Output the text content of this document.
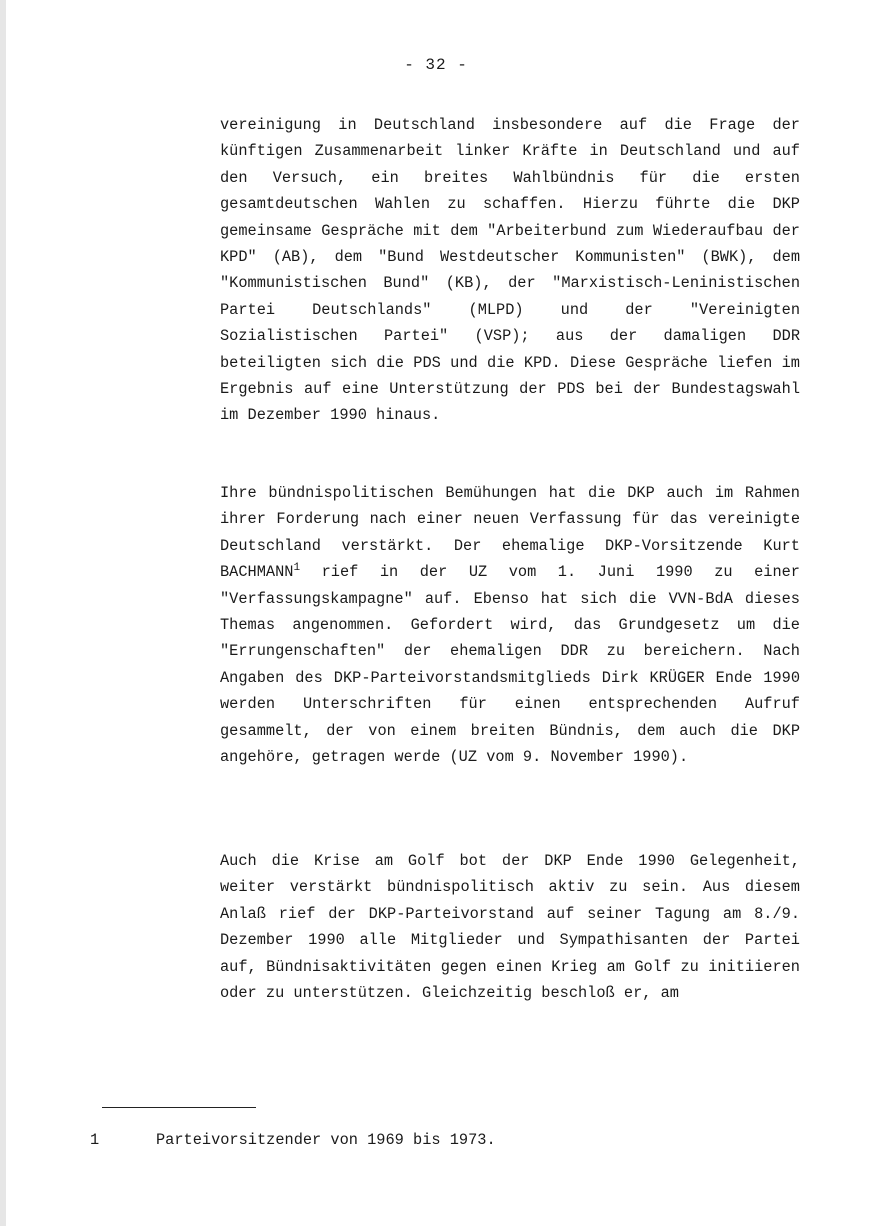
- 32 -

vereinigung in Deutschland insbesondere auf die Frage der künftigen Zusammenarbeit linker Kräfte in Deutschland und auf den Versuch, ein breites Wahlbündnis für die ersten gesamtdeutschen Wahlen zu schaffen. Hierzu führte die DKP gemeinsame Gespräche mit dem "Arbeiterbund zum Wiederaufbau der KPD" (AB), dem "Bund Westdeutscher Kommunisten" (BWK), dem "Kommunistischen Bund" (KB), der "Marxistisch-Leninistischen Partei Deutschlands" (MLPD) und der "Vereinigten Sozialistischen Partei" (VSP); aus der damaligen DDR beteiligten sich die PDS und die KPD. Diese Gespräche liefen im Ergebnis auf eine Unterstützung der PDS bei der Bundestagswahl im Dezember 1990 hinaus.

Ihre bündnispolitischen Bemühungen hat die DKP auch im Rahmen ihrer Forderung nach einer neuen Verfassung für das vereinigte Deutschland verstärkt. Der ehemalige DKP-Vorsitzende Kurt BACHMANN$^1$ rief in der UZ vom 1. Juni 1990 zu einer "Verfassungskampagne" auf. Ebenso hat sich die VVN-BdA dieses Themas angenommen. Gefordert wird, das Grundgesetz um die "Errungenschaften" der ehemaligen DDR zu bereichern. Nach Angaben des DKP-Parteivorstandsmitglieds Dirk KRÜGER Ende 1990 werden Unterschriften für einen entsprechenden Aufruf gesammelt, der von einem breiten Bündnis, dem auch die DKP angehöre, getragen werde (UZ vom 9. November 1990).

Auch die Krise am Golf bot der DKP Ende 1990 Gelegenheit, weiter verstärkt bündnispolitisch aktiv zu sein. Aus diesem Anlaß rief der DKP-Parteivorstand auf seiner Tagung am 8./9. Dezember 1990 alle Mitglieder und Sympathisanten der Partei auf, Bündnisaktivitäten gegen einen Krieg am Golf zu initiieren oder zu unterstützen. Gleichzeitig beschloß er, am

1	Parteivorsitzender von 1969 bis 1973.
